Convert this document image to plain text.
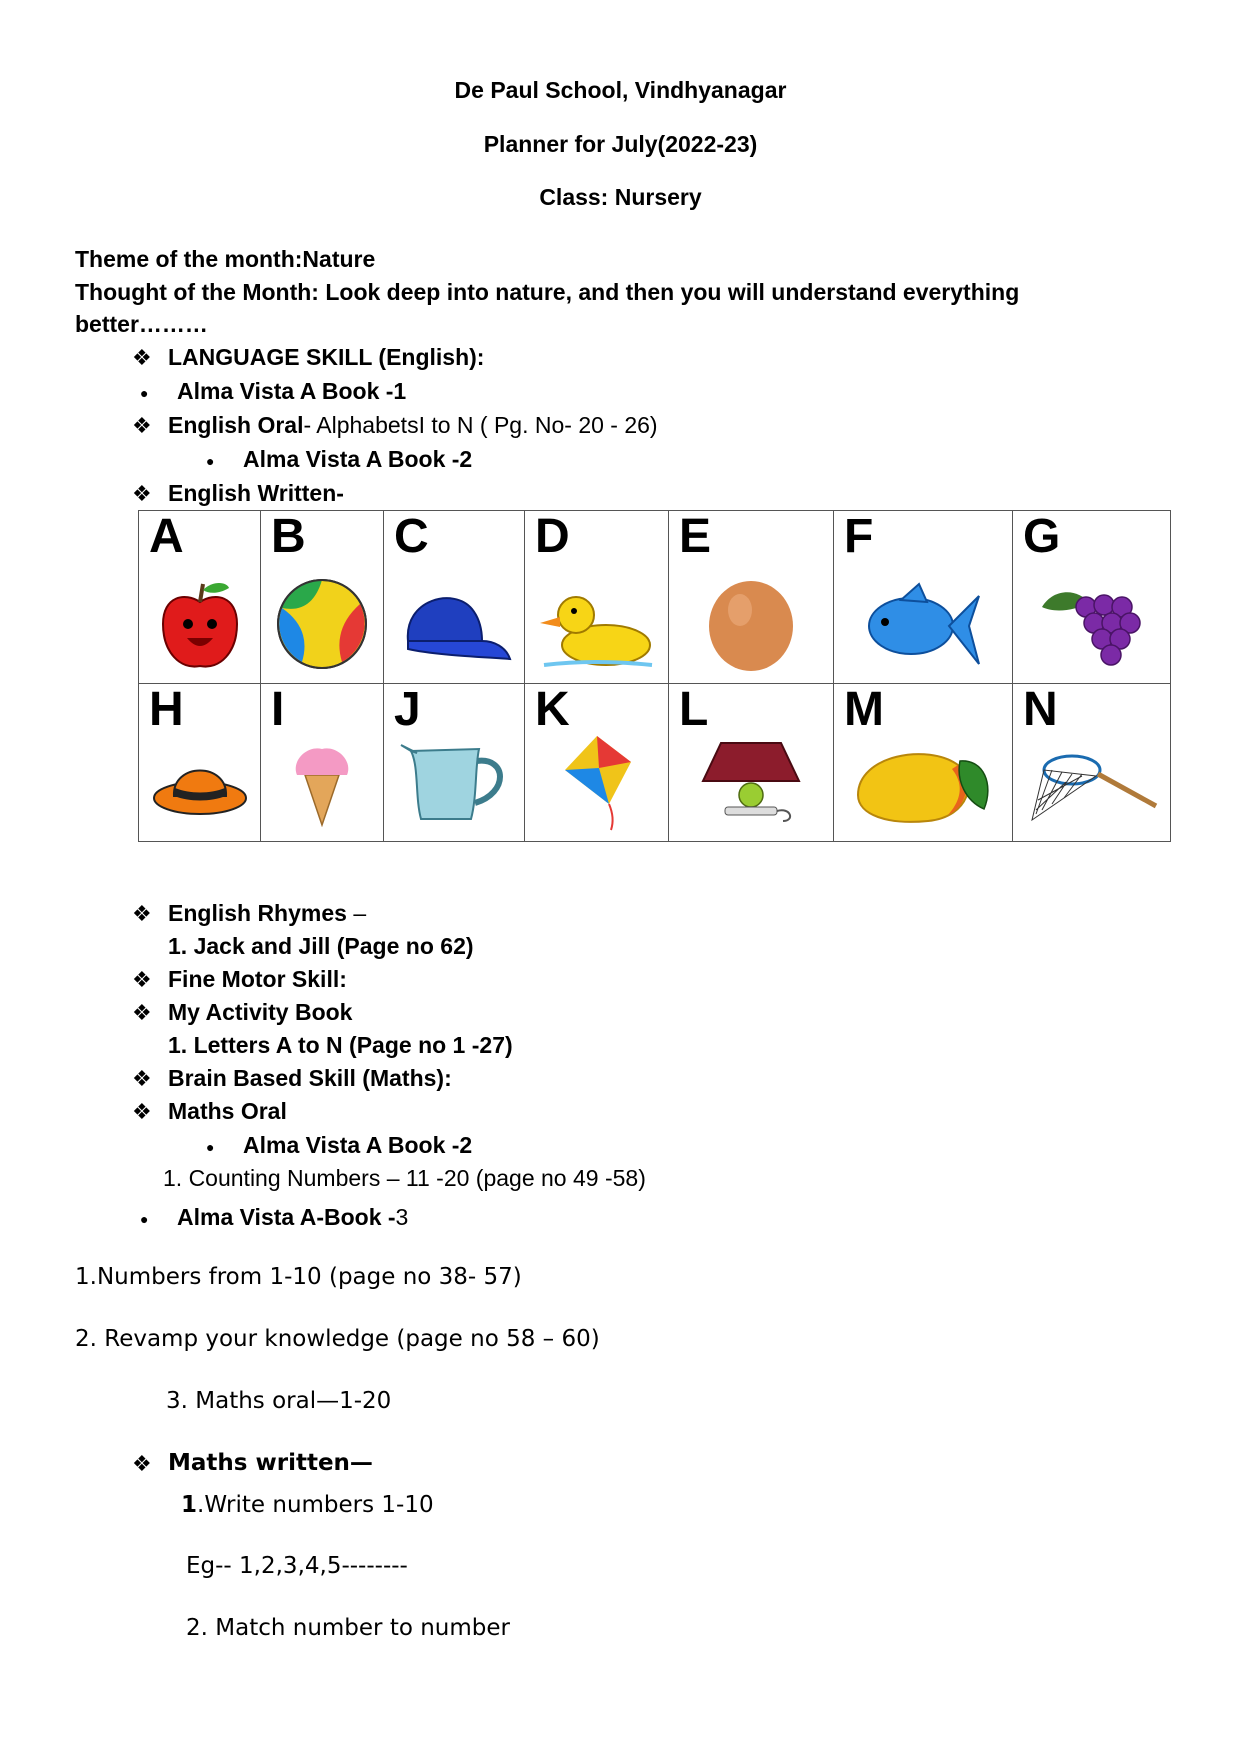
De Paul School, Vindhyanagar
Planner for July(2022-23)
Class: Nursery
Theme of the month:Nature
Thought of the Month: Look deep into nature, and then you will understand everything
better………
❖ LANGUAGE SKILL (English):
● Alma Vista A Book -1
❖ English Oral- AlphabetsI to N ( Pg. No- 20 - 26)
● Alma Vista A Book -2
❖ English Written-
A	B	C	D	E	F	G

H	I	J	K	L	M	N
❖ English Rhymes –
1. Jack and Jill (Page no 62)
❖ Fine Motor Skill:
❖ My Activity Book
1. Letters A to N (Page no 1 -27)
❖ Brain Based Skill (Maths):
❖ Maths Oral
● Alma Vista A Book -2
1. Counting Numbers – 11 -20 (page no 49 -58)
● Alma Vista A-Book -3
1.Numbers from 1-10 (page no 38- 57)
2. Revamp your knowledge (page no 58 – 60)
3. Maths oral—1-20
❖ Maths written—
1.Write numbers 1-10
Eg-- 1,2,3,4,5--------
2. Match number to number
